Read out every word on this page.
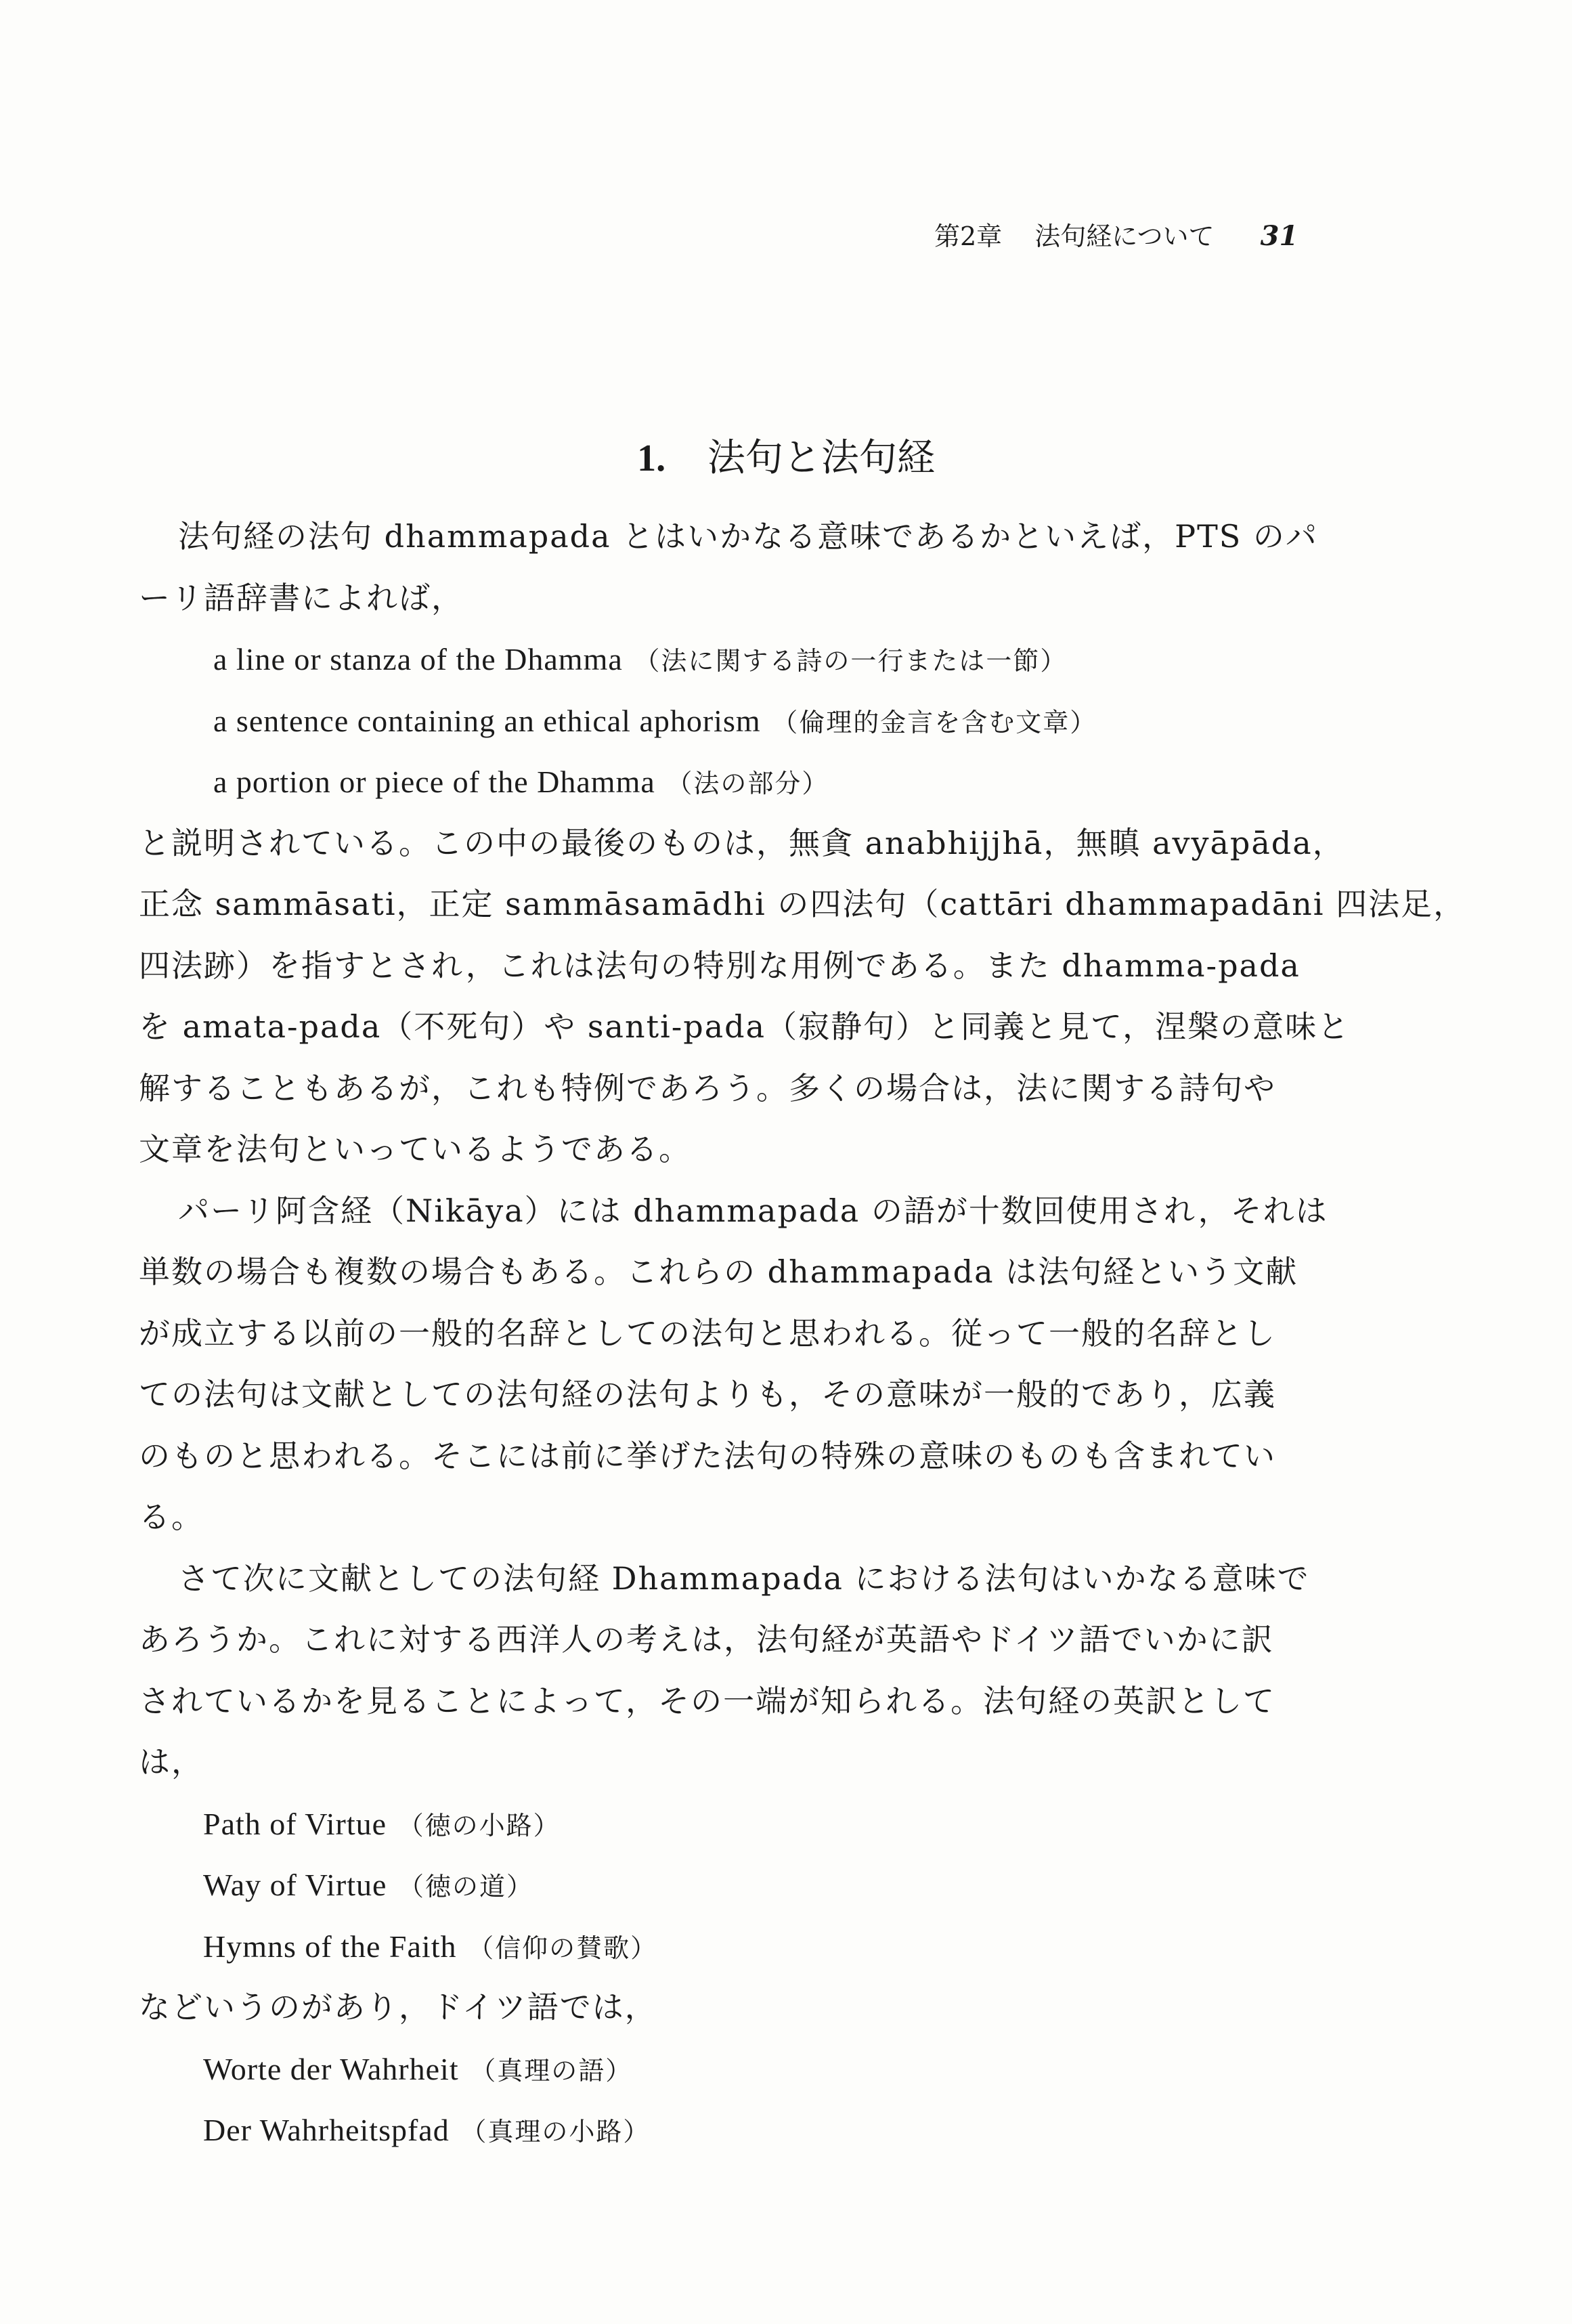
第2章 法句経について 31
1. 法句と法句経
法句経の法句 dhammapada とはいかなる意味であるかといえば，PTS のパ
ーリ語辞書によれば，
a line or stanza of the Dhamma （法に関する詩の一行または一節）
a sentence containing an ethical aphorism （倫理的金言を含む文章）
a portion or piece of the Dhamma （法の部分）
と説明されている。この中の最後のものは，無貪 anabhijjhā，無瞋 avyāpāda，
正念 sammāsati，正定 sammāsamādhi の四法句（cattāri dhammapadāni 四法足，
四法跡）を指すとされ，これは法句の特別な用例である。また dhamma-pada
を amata-pada（不死句）や santi-pada（寂静句）と同義と見て，涅槃の意味と
解することもあるが，これも特例であろう。多くの場合は，法に関する詩句や
文章を法句といっているようである。
パーリ阿含経（Nikāya）には dhammapada の語が十数回使用され，それは
単数の場合も複数の場合もある。これらの dhammapada は法句経という文献
が成立する以前の一般的名辞としての法句と思われる。従って一般的名辞とし
ての法句は文献としての法句経の法句よりも，その意味が一般的であり，広義
のものと思われる。そこには前に挙げた法句の特殊の意味のものも含まれてい
る。
さて次に文献としての法句経 Dhammapada における法句はいかなる意味で
あろうか。これに対する西洋人の考えは，法句経が英語やドイツ語でいかに訳
されているかを見ることによって，その一端が知られる。法句経の英訳として
は，
Path of Virtue （徳の小路）
Way of Virtue （徳の道）
Hymns of the Faith （信仰の賛歌）
などいうのがあり，ドイツ語では，
Worte der Wahrheit （真理の語）
Der Wahrheitspfad （真理の小路）
